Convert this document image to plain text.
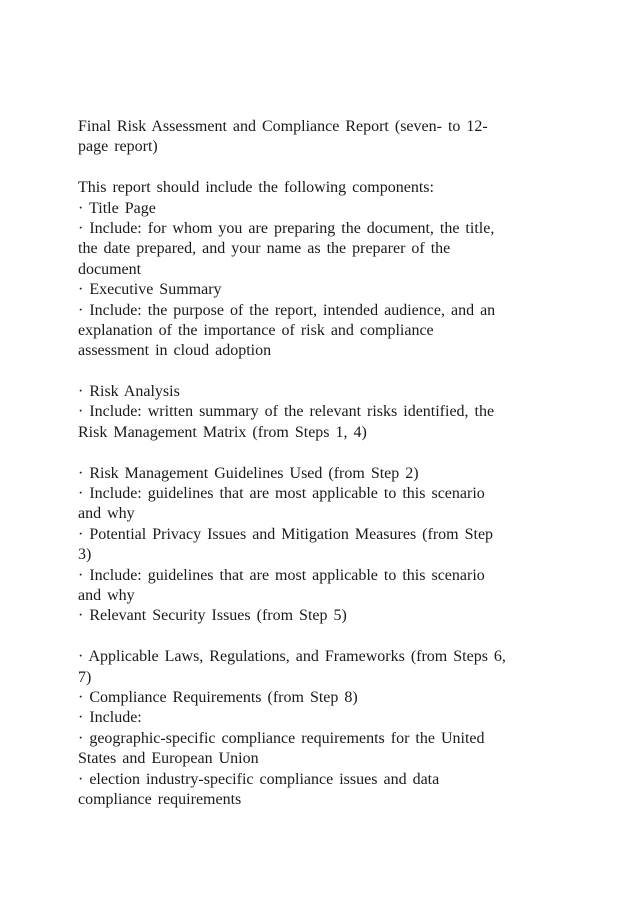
Final Risk Assessment and Compliance Report (seven- to 12-
page report)
This report should include the following components:
· Title Page
· Include: for whom you are preparing the document, the title,
the date prepared, and your name as the preparer of the
document
· Executive Summary
· Include: the purpose of the report, intended audience, and an
explanation of the importance of risk and compliance
assessment in cloud adoption
· Risk Analysis
· Include: written summary of the relevant risks identified, the
Risk Management Matrix (from Steps 1, 4)
· Risk Management Guidelines Used (from Step 2)
· Include: guidelines that are most applicable to this scenario
and why
· Potential Privacy Issues and Mitigation Measures (from Step
3)
· Include: guidelines that are most applicable to this scenario
and why
· Relevant Security Issues (from Step 5)
· Applicable Laws, Regulations, and Frameworks (from Steps 6,
7)
· Compliance Requirements (from Step 8)
· Include:
· geographic-specific compliance requirements for the United
States and European Union
· election industry-specific compliance issues and data
compliance requirements
